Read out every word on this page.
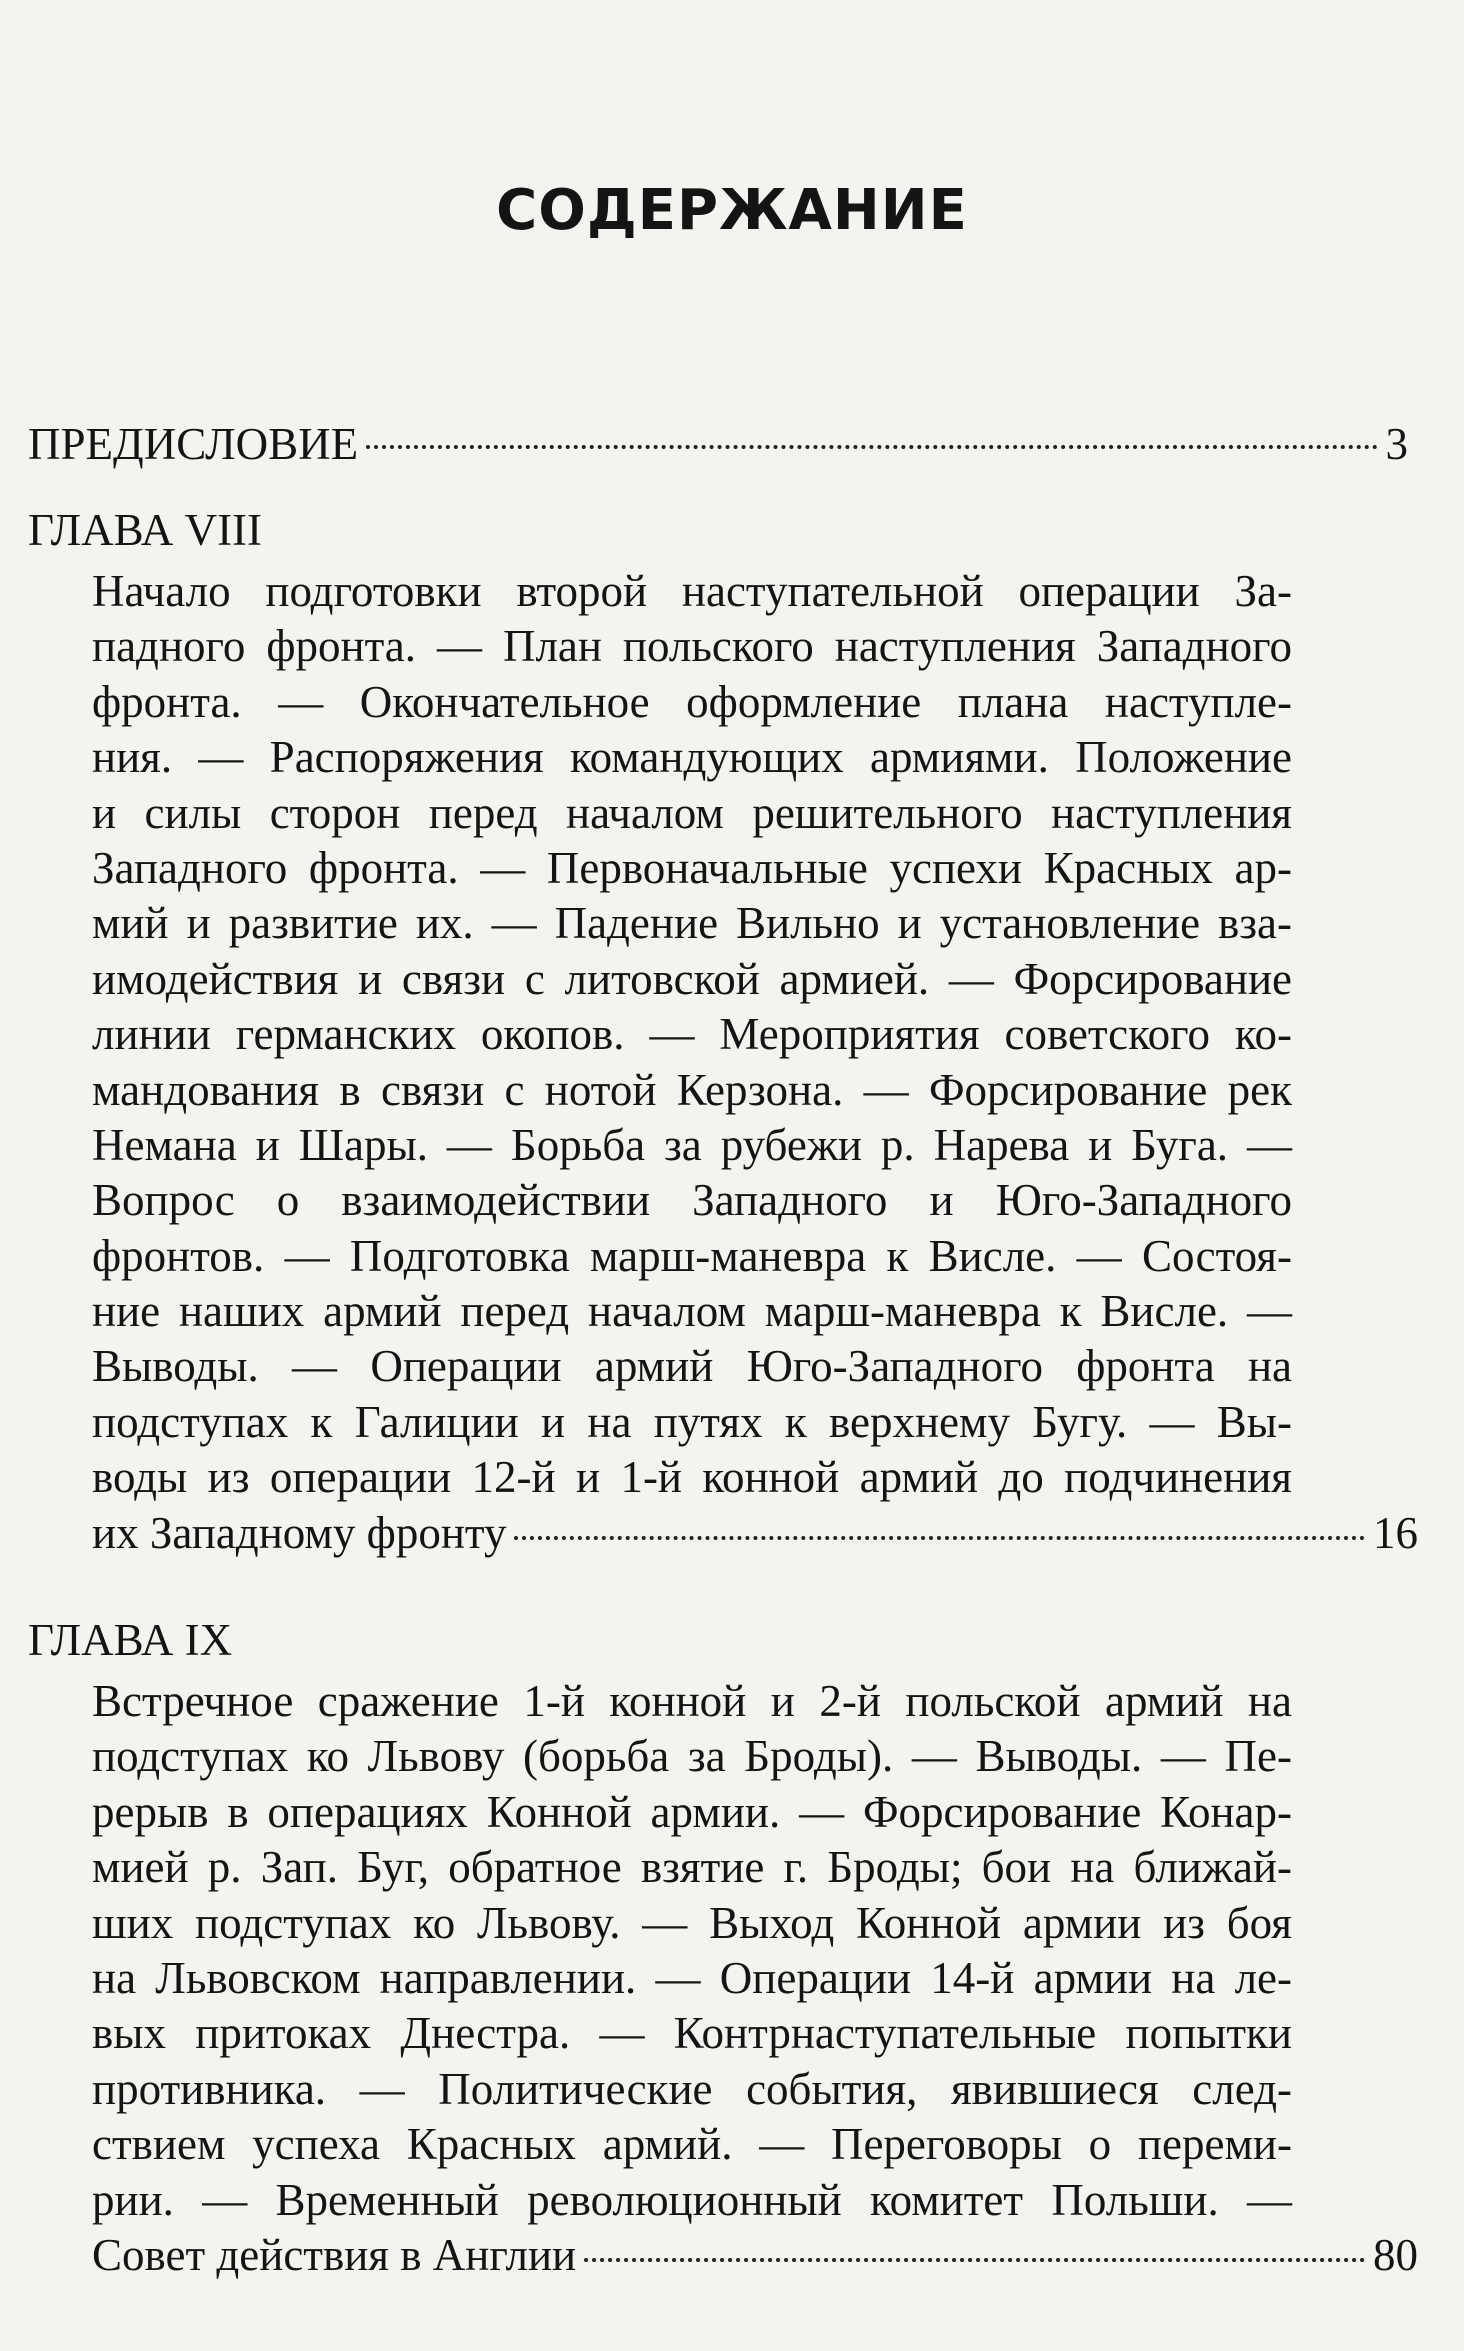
СОДЕРЖАНИЕ
ПРЕДИСЛОВИЕ	3
ГЛАВА VIII
Начало подготовки второй наступательной операции За-
падного фронта. — План польского наступления Западного
фронта. — Окончательное оформление плана наступле-
ния. — Распоряжения командующих армиями. Положение
и силы сторон перед началом решительного наступления
Западного фронта. — Первоначальные успехи Красных ар-
мий и развитие их. — Падение Вильно и установление вза-
имодействия и связи с литовской армией. — Форсирование
линии германских окопов. — Мероприятия советского ко-
мандования в связи с нотой Керзона. — Форсирование рек
Немана и Шары. — Борьба за рубежи р. Нарева и Буга. —
Вопрос о взаимодействии Западного и Юго-Западного
фронтов. — Подготовка марш-маневра к Висле. — Состоя-
ние наших армий перед началом марш-маневра к Висле. —
Выводы. — Операции армий Юго-Западного фронта на
подступах к Галиции и на путях к верхнему Бугу. — Вы-
воды из операции 12-й и 1-й конной армий до подчинения
их Западному фронту	16
ГЛАВА IX
Встречное сражение 1-й конной и 2-й польской армий на
подступах ко Львову (борьба за Броды). — Выводы. — Пе-
рерыв в операциях Конной армии. — Форсирование Конар-
мией р. Зап. Буг, обратное взятие г. Броды; бои на ближай-
ших подступах ко Львову. — Выход Конной армии из боя
на Львовском направлении. — Операции 14-й армии на ле-
вых притоках Днестра. — Контрнаступательные попытки
противника. — Политические события, явившиеся след-
ствием успеха Красных армий. — Переговоры о переми-
рии. — Временный революционный комитет Польши. —
Совет действия в Англии	80
